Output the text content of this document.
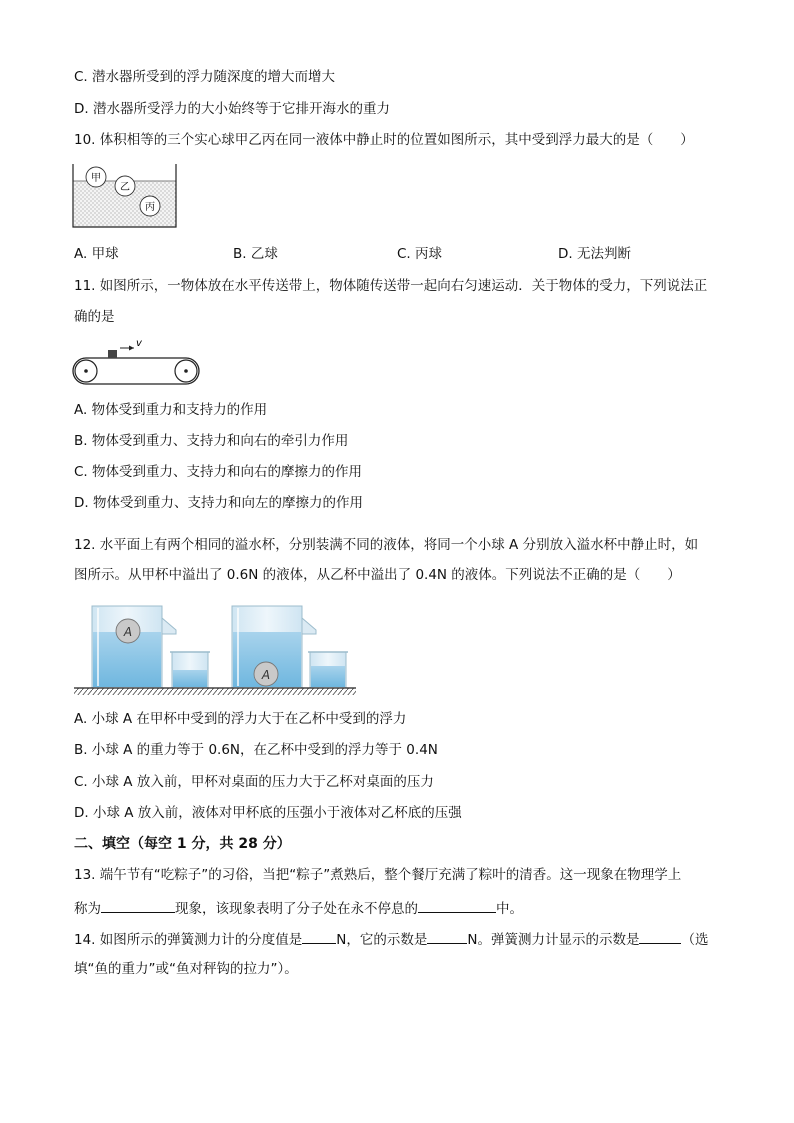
C. 潜水器所受到的浮力随深度的增大而增大
D. 潜水器所受浮力的大小始终等于它排开海水的重力
10. 体积相等的三个实心球甲乙丙在同一液体中静止时的位置如图所示，其中受到浮力最大的是（　　）
甲
乙
丙
A. 甲球	B. 乙球	C. 丙球	D. 无法判断
11. 如图所示，一物体放在水平传送带上，物体随传送带一起向右匀速运动．关于物体的受力，下列说法正
确的是
v
A. 物体受到重力和支持力的作用
B. 物体受到重力、支持力和向右的牵引力作用
C. 物体受到重力、支持力和向右的摩擦力的作用
D. 物体受到重力、支持力和向左的摩擦力的作用
12. 水平面上有两个相同的溢水杯，分别装满不同的液体，将同一个小球 A 分别放入溢水杯中静止时，如
图所示。从甲杯中溢出了 0.6N 的液体，从乙杯中溢出了 0.4N 的液体。下列说法不正确的是（　　）
A
A
A. 小球 A 在甲杯中受到的浮力大于在乙杯中受到的浮力
B. 小球 A 的重力等于 0.6N，在乙杯中受到的浮力等于 0.4N
C. 小球 A 放入前，甲杯对桌面的压力大于乙杯对桌面的压力
D. 小球 A 放入前，液体对甲杯底的压强小于液体对乙杯底的压强
二、填空（每空 1 分，共 28 分）
13. 端午节有“吃粽子”的习俗，当把“粽子”煮熟后，整个餐厅充满了粽叶的清香。这一现象在物理学上
称为	现象，该现象表明了分子处在永不停息的	中。
14. 如图所示的弹簧测力计的分度值是	N，它的示数是	N。弹簧测力计显示的示数是	（选
填“鱼的重力”或“鱼对秤钩的拉力”）。
